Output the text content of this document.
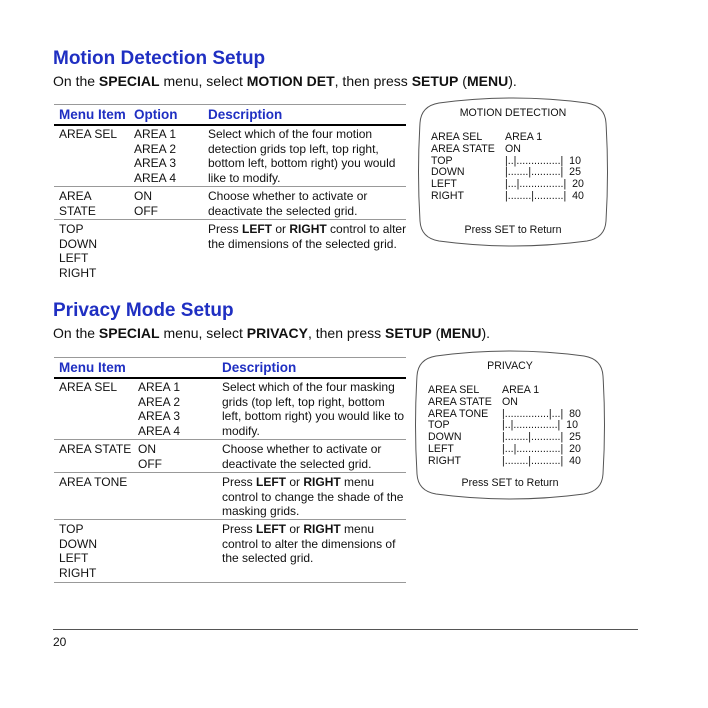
Motion Detection Setup
On the SPECIAL menu, select MOTION DET, then press SETUP (MENU).
Menu Item Option Description
AREA SEL AREA 1
AREA 2
AREA 3
AREA 4
Select which of the four motion
detection grids top left, top right,
bottom left, bottom right) you would
like to modify.
AREA
STATE
ON
OFF
Choose whether to activate or
deactivate the selected grid.
TOP
DOWN
LEFT
RIGHT
Press LEFT or RIGHT control to alter
the dimensions of the selected grid.
MOTION DETECTION
AREA SEL
AREA STATE
TOP
DOWN
LEFT
RIGHT
AREA 1
ON
|..|...............|  10
|.......|..........|  25
|...|...............|  20
|........|..........|  40
Press SET to Return
Privacy Mode Setup
On the SPECIAL menu, select PRIVACY, then press SETUP (MENU).
Menu Item	Description
AREA SEL AREA 1
AREA 2
AREA 3
AREA 4
Select which of the four masking
grids (top left, top right, bottom
left, bottom right) you would like to
modify.
AREA STATE ON
OFF
Choose whether to activate or
deactivate the selected grid.
AREA TONE	Press LEFT or RIGHT menu
control to change the shade of the
masking grids.
TOP
DOWN
LEFT
RIGHT
Press LEFT or RIGHT menu
control to alter the dimensions of
the selected grid.
PRIVACY
AREA SEL
AREA STATE
AREA TONE
TOP
DOWN
LEFT
RIGHT
AREA 1
ON
|...............|...|  80
|..|...............|  10
|........|..........|  25
|...|...............|  20
|........|..........|  40
Press SET to Return
20
